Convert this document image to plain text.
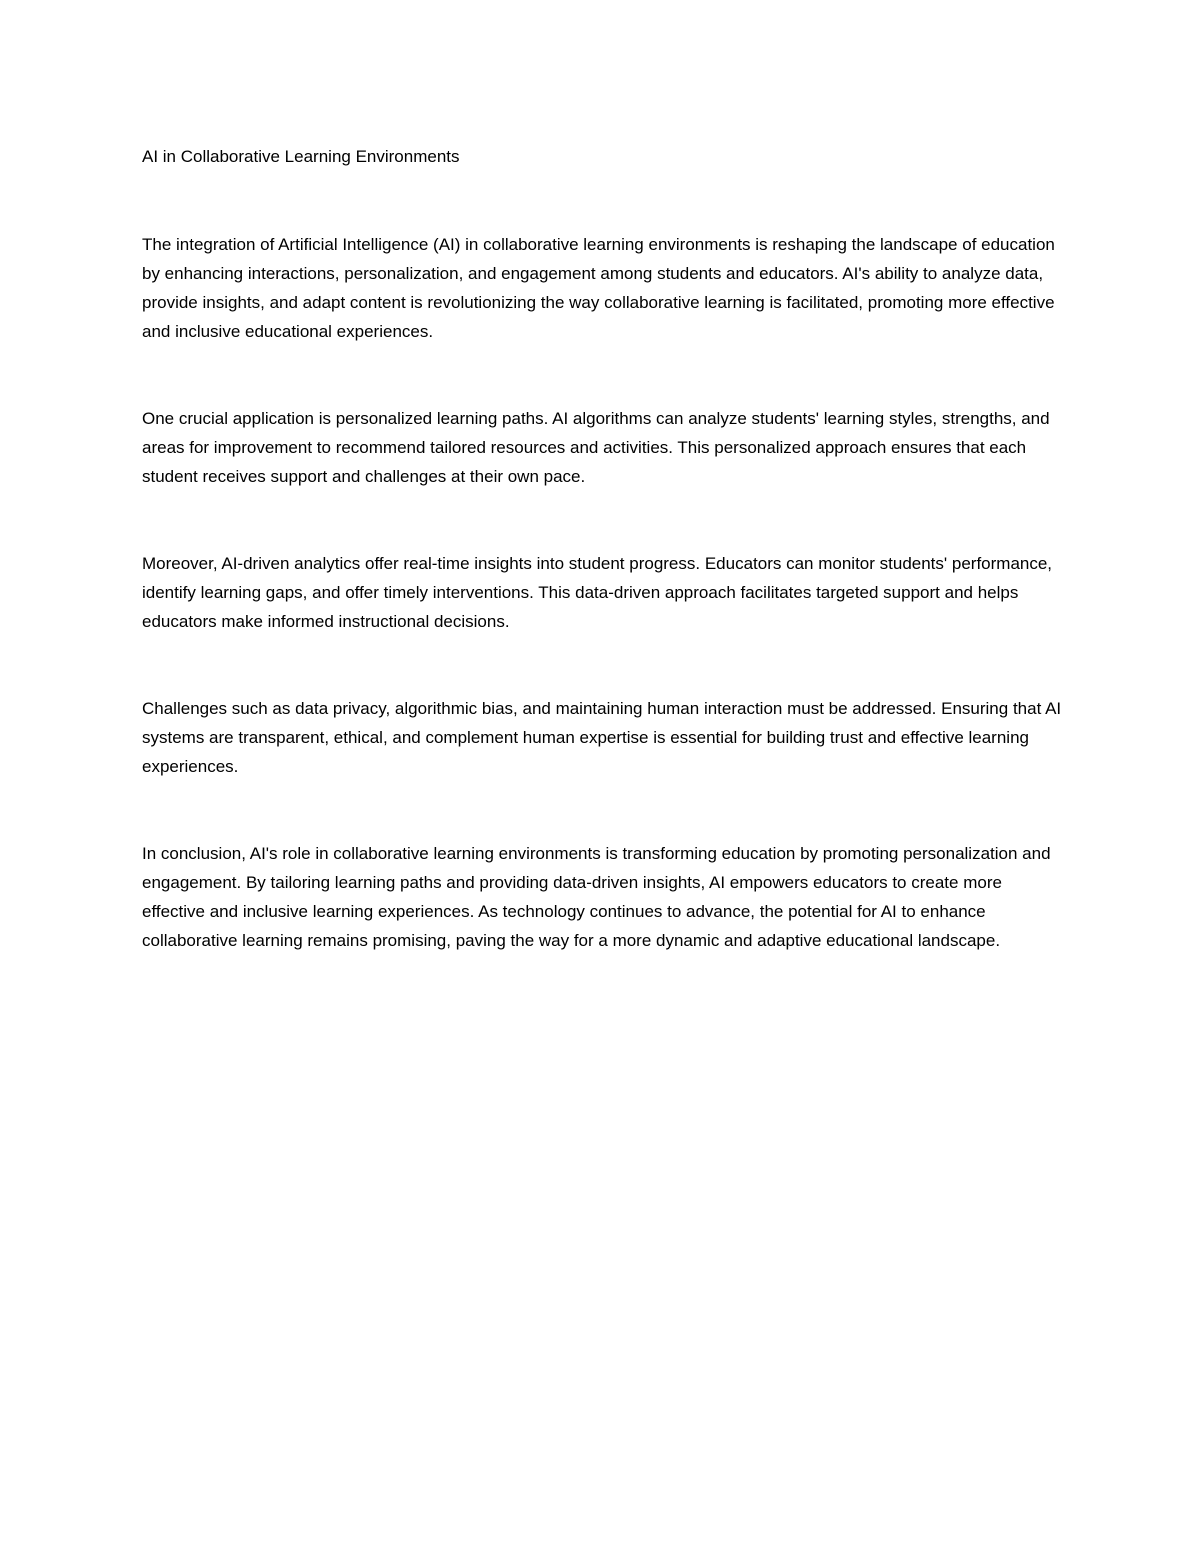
AI in Collaborative Learning Environments

The integration of Artificial Intelligence (AI) in collaborative learning environments is reshaping the landscape of education by enhancing interactions, personalization, and engagement among students and educators. AI's ability to analyze data, provide insights, and adapt content is revolutionizing the way collaborative learning is facilitated, promoting more effective and inclusive educational experiences.

One crucial application is personalized learning paths. AI algorithms can analyze students' learning styles, strengths, and areas for improvement to recommend tailored resources and activities. This personalized approach ensures that each student receives support and challenges at their own pace.

Moreover, AI-driven analytics offer real-time insights into student progress. Educators can monitor students' performance, identify learning gaps, and offer timely interventions. This data-driven approach facilitates targeted support and helps educators make informed instructional decisions.

Challenges such as data privacy, algorithmic bias, and maintaining human interaction must be addressed. Ensuring that AI systems are transparent, ethical, and complement human expertise is essential for building trust and effective learning experiences.

In conclusion, AI's role in collaborative learning environments is transforming education by promoting personalization and engagement. By tailoring learning paths and providing data-driven insights, AI empowers educators to create more effective and inclusive learning experiences. As technology continues to advance, the potential for AI to enhance collaborative learning remains promising, paving the way for a more dynamic and adaptive educational landscape.
